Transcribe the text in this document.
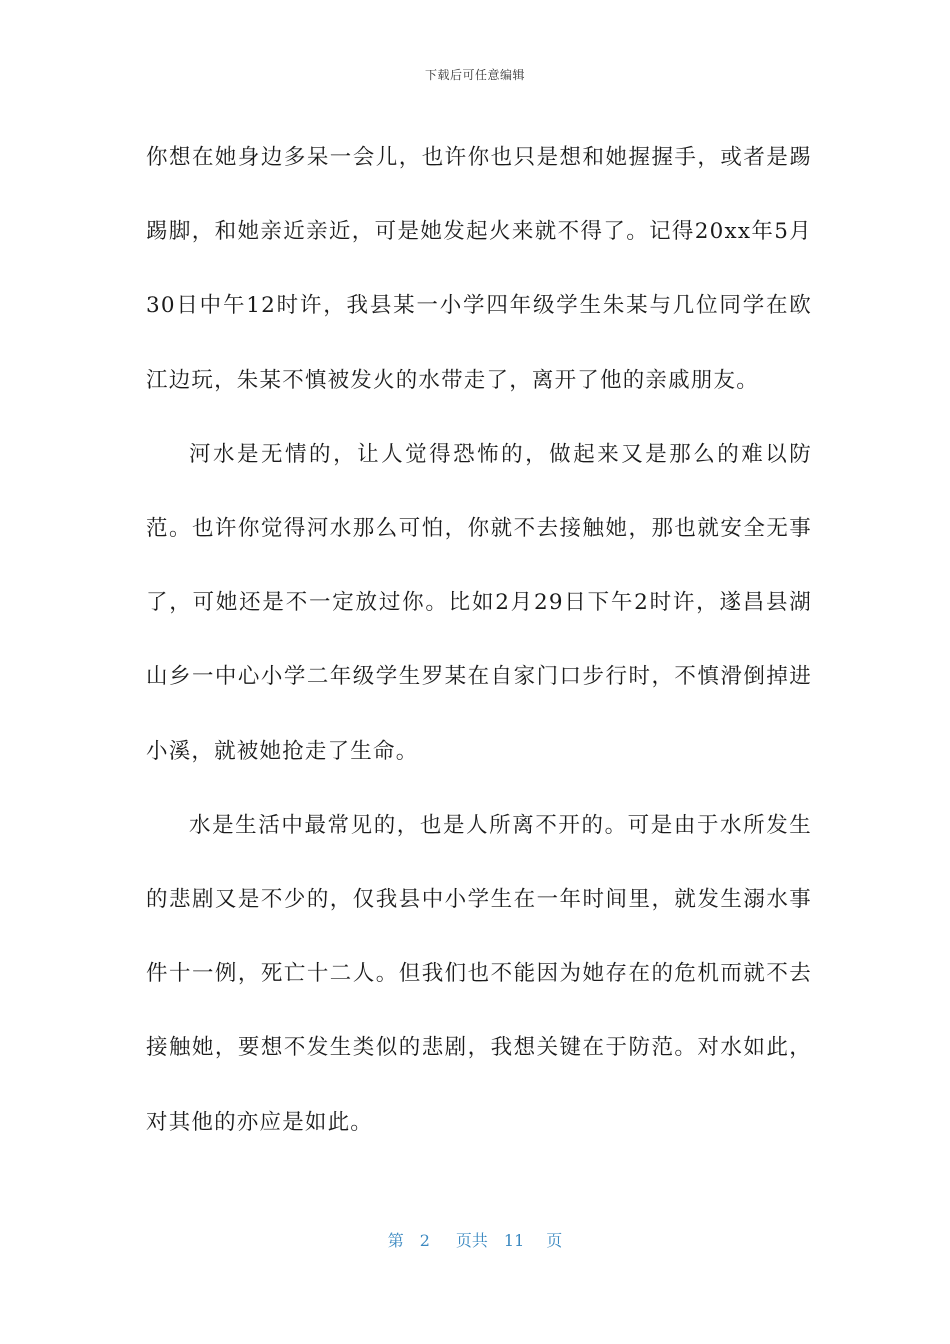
下载后可任意编辑

你想在她身边多呆一会儿，也许你也只是想和她握握手，或者是踢踢脚，和她亲近亲近，可是她发起火来就不得了。记得20xx年5月30日中午12时许，我县某一小学四年级学生朱某与几位同学在欧江边玩，朱某不慎被发火的水带走了，离开了他的亲戚朋友。

河水是无情的，让人觉得恐怖的，做起来又是那么的难以防范。也许你觉得河水那么可怕，你就不去接触她，那也就安全无事了，可她还是不一定放过你。比如2月29日下午2时许，遂昌县湖山乡一中心小学二年级学生罗某在自家门口步行时，不慎滑倒掉进小溪，就被她抢走了生命。

水是生活中最常见的，也是人所离不开的。可是由于水所发生的悲剧又是不少的，仅我县中小学生在一年时间里，就发生溺水事件十一例，死亡十二人。但我们也不能因为她存在的危机而就不去接触她，要想不发生类似的悲剧，我想关键在于防范。对水如此，对其他的亦应是如此。

第 2 页共 11 页
